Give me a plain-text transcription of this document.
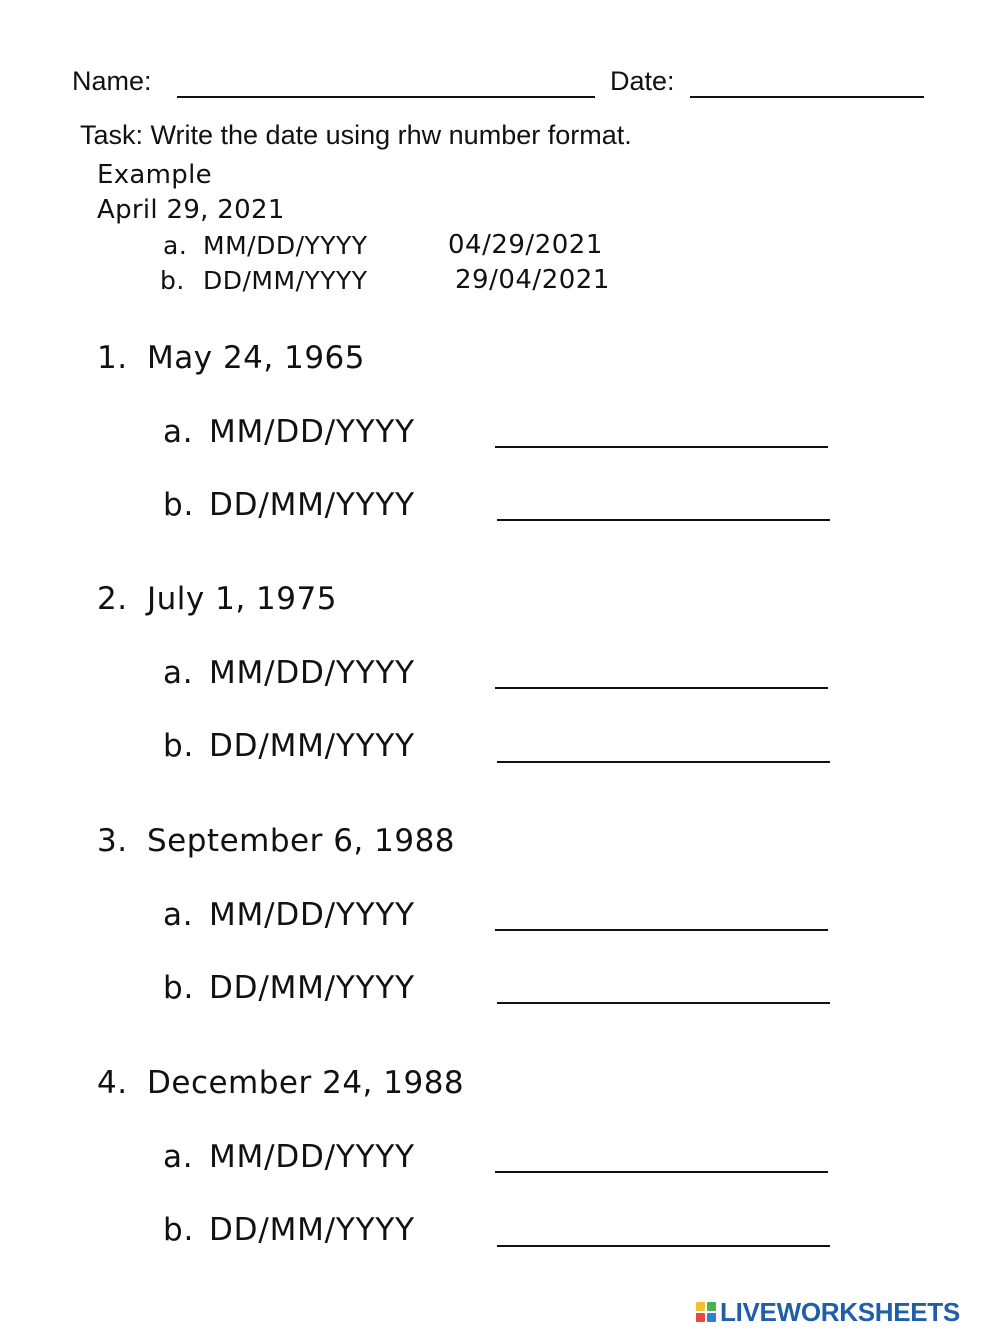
Name:	Date:
Task: Write the date using rhw number format.
Example
April 29, 2021
a. MM/DD/YYYY	04/29/2021
b. DD/MM/YYYY	29/04/2021
1. May 24, 1965
a. MM/DD/YYYY
b. DD/MM/YYYY
2. July 1, 1975
a. MM/DD/YYYY
b. DD/MM/YYYY
3. September 6, 1988
a. MM/DD/YYYY
b. DD/MM/YYYY
4. December 24, 1988
a. MM/DD/YYYY
b. DD/MM/YYYY
LIVEWORKSHEETS
